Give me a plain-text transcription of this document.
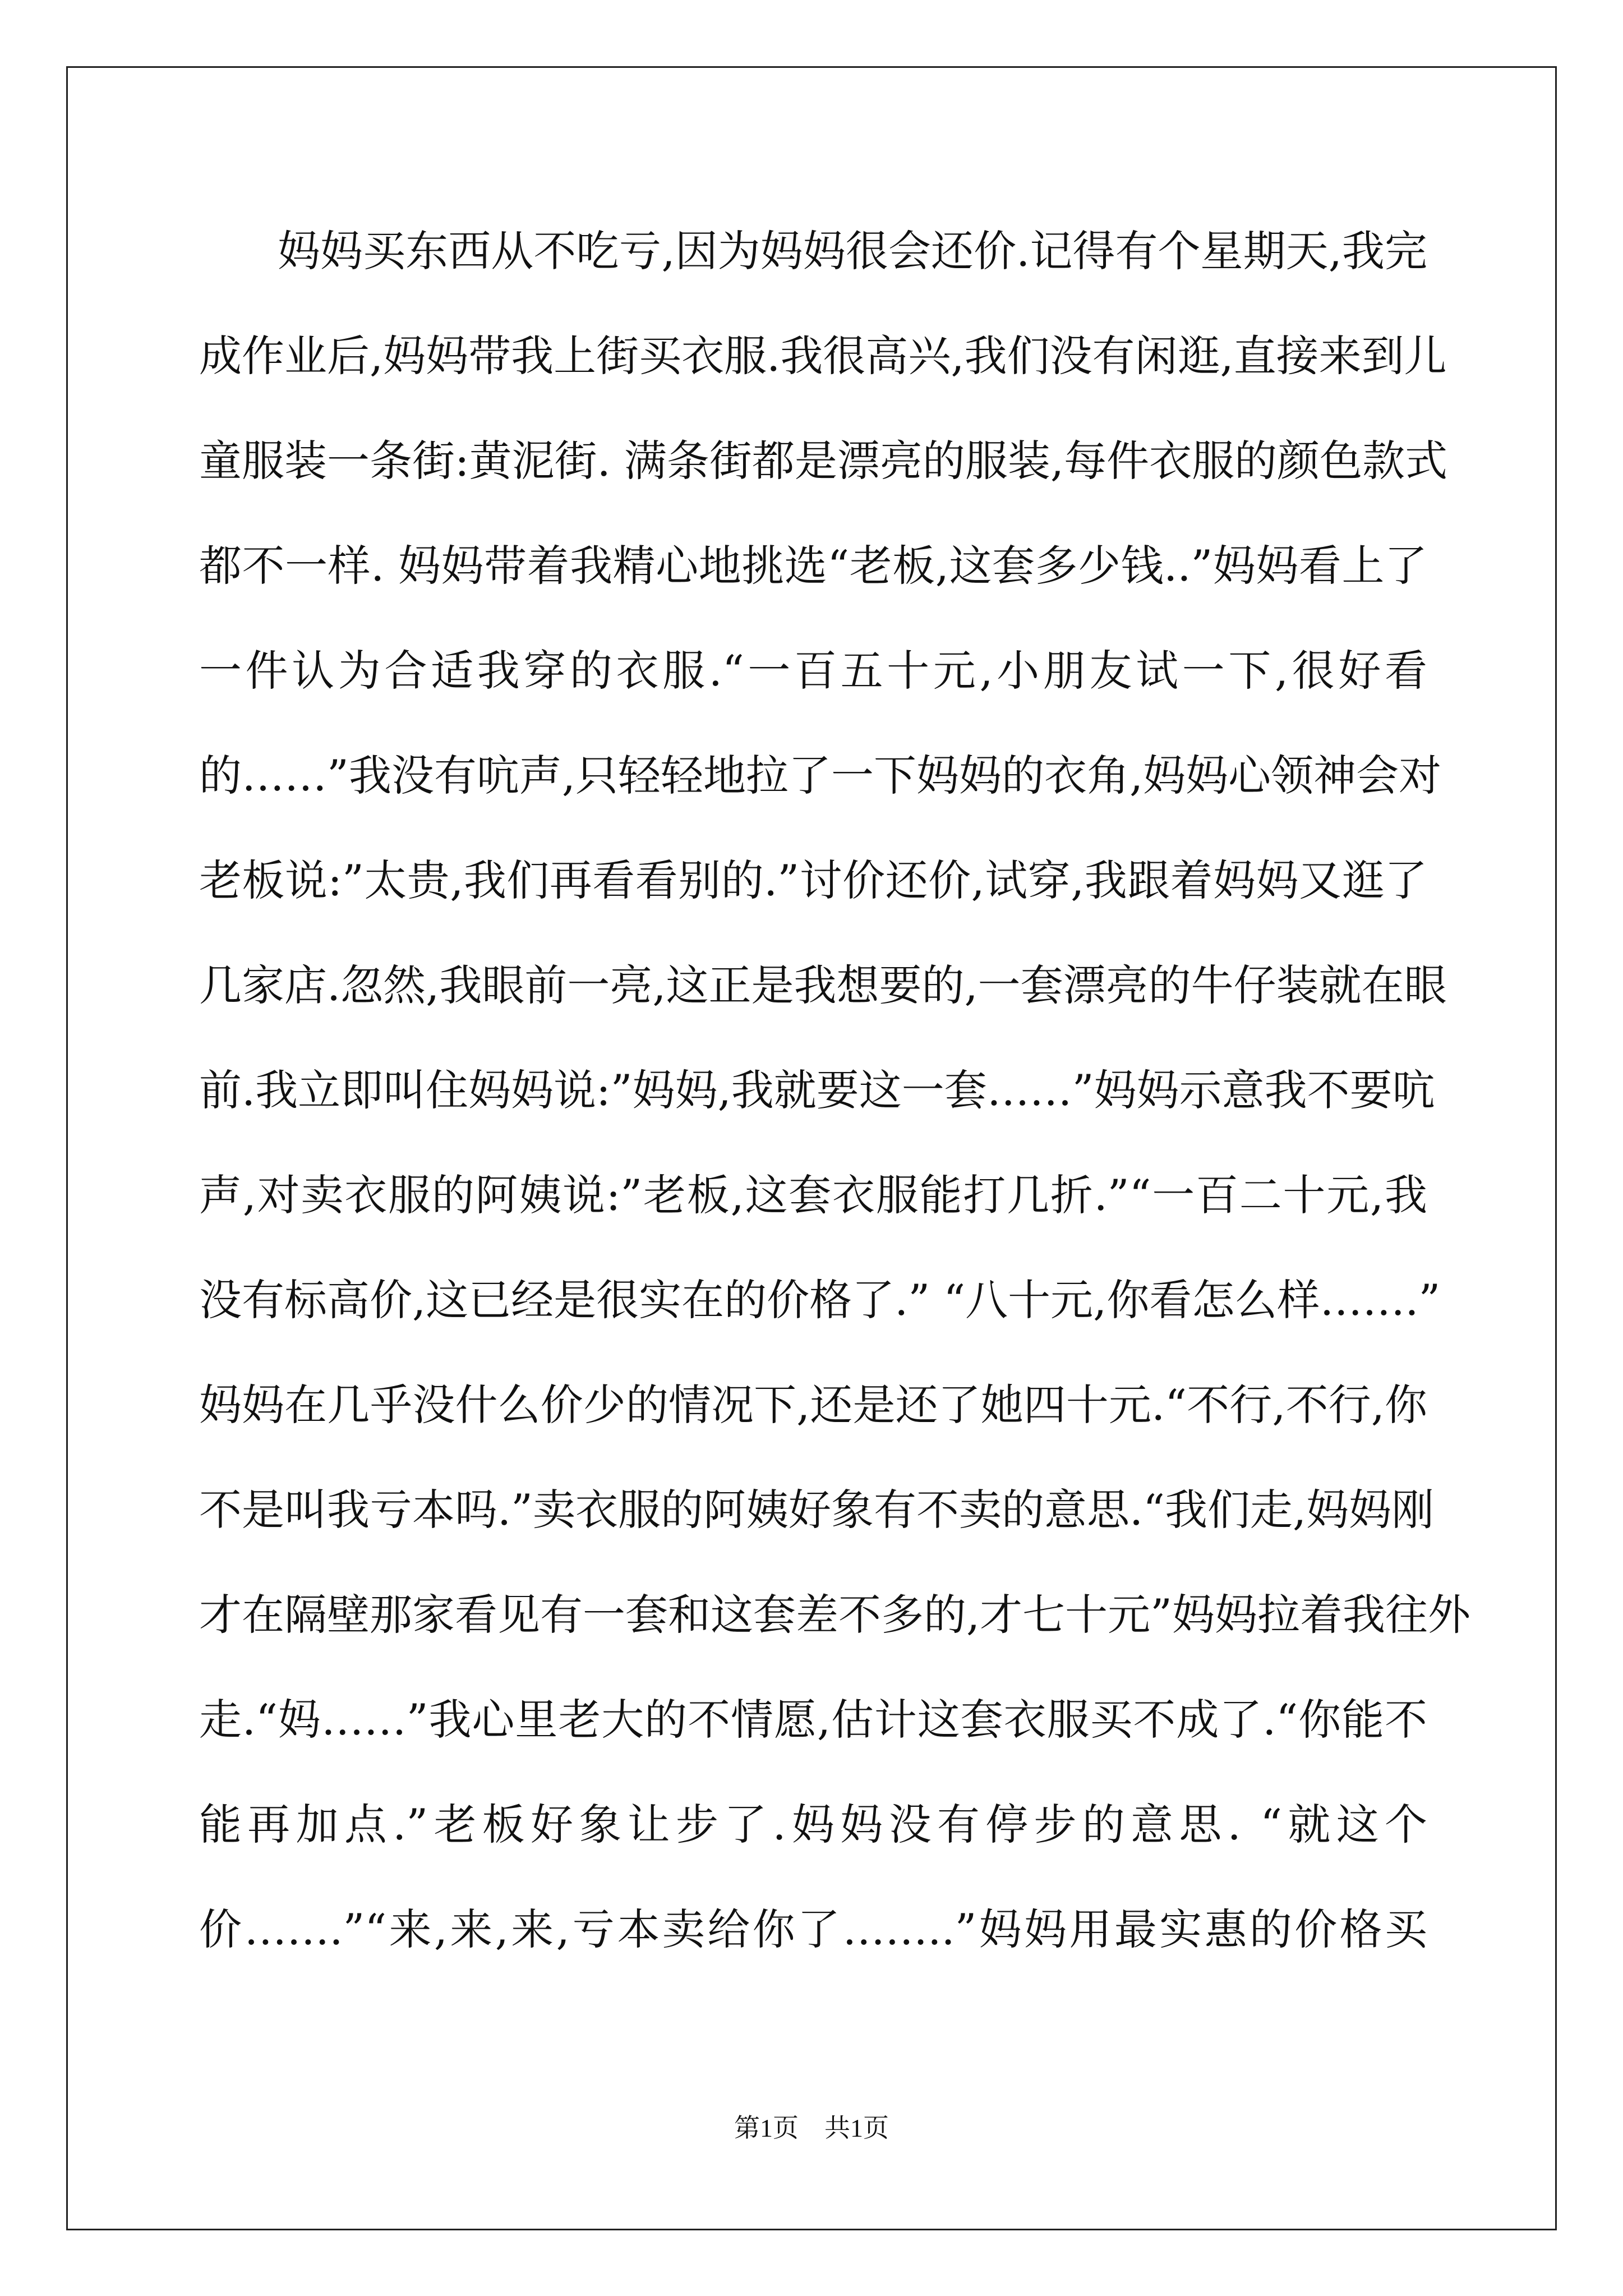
妈妈买东西从不吃亏,因为妈妈很会还价.记得有个星期天,我完
成作业后,妈妈带我上街买衣服.我很高兴,我们没有闲逛,直接来到儿
童服装一条街:黄泥街. 满条街都是漂亮的服装,每件衣服的颜色款式
都不一样. 妈妈带着我精心地挑选“老板,这套多少钱..”妈妈看上了
一件认为合适我穿的衣服.“一百五十元,小朋友试一下,很好看
的……”我没有吭声,只轻轻地拉了一下妈妈的衣角,妈妈心领神会对
老板说:”太贵,我们再看看别的.”讨价还价,试穿,我跟着妈妈又逛了
几家店.忽然,我眼前一亮,这正是我想要的,一套漂亮的牛仔装就在眼
前.我立即叫住妈妈说:”妈妈,我就要这一套……”妈妈示意我不要吭
声,对卖衣服的阿姨说:”老板,这套衣服能打几折.”“一百二十元,我
没有标高价,这已经是很实在的价格了.” “八十元,你看怎么样…….”
妈妈在几乎没什么价少的情况下,还是还了她四十元.“不行,不行,你
不是叫我亏本吗.”卖衣服的阿姨好象有不卖的意思.“我们走,妈妈刚
才在隔壁那家看见有一套和这套差不多的,才七十元”妈妈拉着我往外
走.“妈……”我心里老大的不情愿,估计这套衣服买不成了.“你能不
能再加点.”老板好象让步了.妈妈没有停步的意思. “就这个
价…….”“来,来,来,亏本卖给你了……..”妈妈用最实惠的价格买
第1页　共1页
